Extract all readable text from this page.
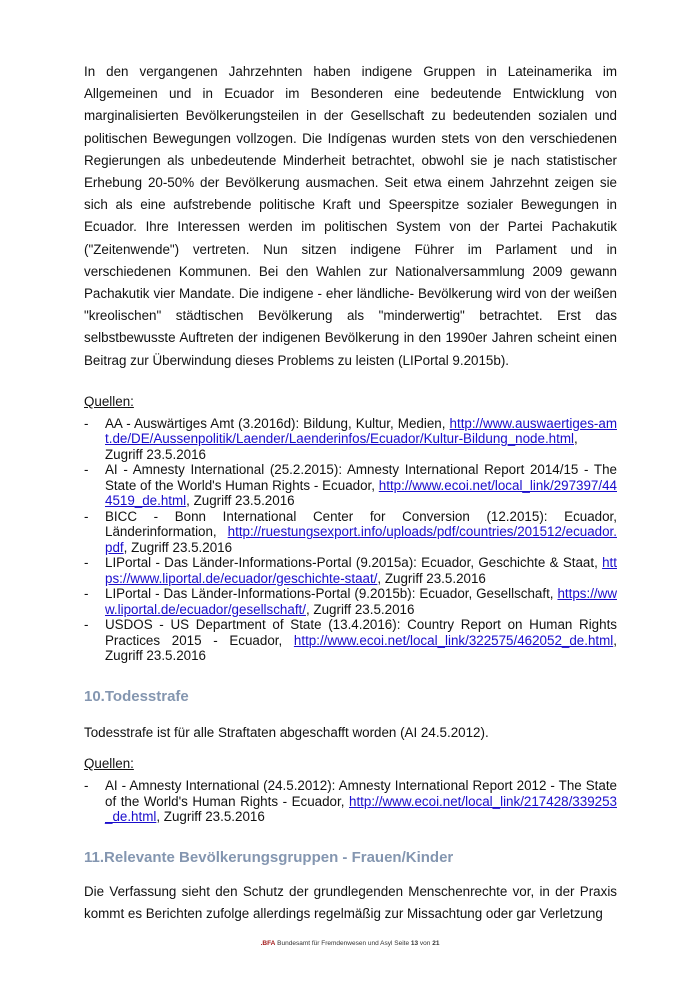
In den vergangenen Jahrzehnten haben indigene Gruppen in Lateinamerika im Allgemeinen und in Ecuador im Besonderen eine bedeutende Entwicklung von marginalisierten Bevölkerungsteilen in der Gesellschaft zu bedeutenden sozialen und politischen Bewegungen vollzogen. Die Indígenas wurden stets von den verschiedenen Regierungen als unbedeutende Minderheit betrachtet, obwohl sie je nach statistischer Erhebung 20-50% der Bevölkerung ausmachen. Seit etwa einem Jahrzehnt zeigen sie sich als eine aufstrebende politische Kraft und Speerspitze sozialer Bewegungen in Ecuador. Ihre Interessen werden im politischen System von der Partei Pachakutik ("Zeitenwende") vertreten. Nun sitzen indigene Führer im Parlament und in verschiedenen Kommunen. Bei den Wahlen zur Nationalversammlung 2009 gewann Pachakutik vier Mandate. Die indigene - eher ländliche- Bevölkerung wird von der weißen "kreolischen" städtischen Bevölkerung als "minderwertig" betrachtet. Erst das selbstbewusste Auftreten der indigenen Bevölkerung in den 1990er Jahren scheint einen Beitrag zur Überwindung dieses Problems zu leisten (LIPortal 9.2015b).

Quellen:
- AA - Auswärtiges Amt (3.2016d): Bildung, Kultur, Medien, http://www.auswaertiges-amt.de/DE/Aussenpolitik/Laender/Laenderinfos/Ecuador/Kultur-Bildung_node.html, Zugriff 23.5.2016
- AI - Amnesty International (25.2.2015): Amnesty International Report 2014/15 - The State of the World's Human Rights - Ecuador, http://www.ecoi.net/local_link/297397/444519_de.html, Zugriff 23.5.2016
- BICC - Bonn International Center for Conversion (12.2015): Ecuador, Länderinformation, http://ruestungsexport.info/uploads/pdf/countries/201512/ecuador.pdf, Zugriff 23.5.2016
- LIPortal - Das Länder-Informations-Portal (9.2015a): Ecuador, Geschichte & Staat, https://www.liportal.de/ecuador/geschichte-staat/, Zugriff 23.5.2016
- LIPortal - Das Länder-Informations-Portal (9.2015b): Ecuador, Gesellschaft, https://www.liportal.de/ecuador/gesellschaft/, Zugriff 23.5.2016
- USDOS - US Department of State (13.4.2016): Country Report on Human Rights Practices 2015 - Ecuador, http://www.ecoi.net/local_link/322575/462052_de.html, Zugriff 23.5.2016
10.Todesstrafe

Todesstrafe ist für alle Straftaten abgeschafft worden (AI 24.5.2012).

Quellen:
- AI - Amnesty International (24.5.2012): Amnesty International Report 2012 - The State of the World's Human Rights - Ecuador, http://www.ecoi.net/local_link/217428/339253_de.html, Zugriff 23.5.2016
11.Relevante Bevölkerungsgruppen - Frauen/Kinder

Die Verfassung sieht den Schutz der grundlegenden Menschenrechte vor, in der Praxis kommt es Berichten zufolge allerdings regelmäßig zur Missachtung oder gar Verletzung

.BFA Bundesamt für Fremdenwesen und Asyl Seite 13 von 21
